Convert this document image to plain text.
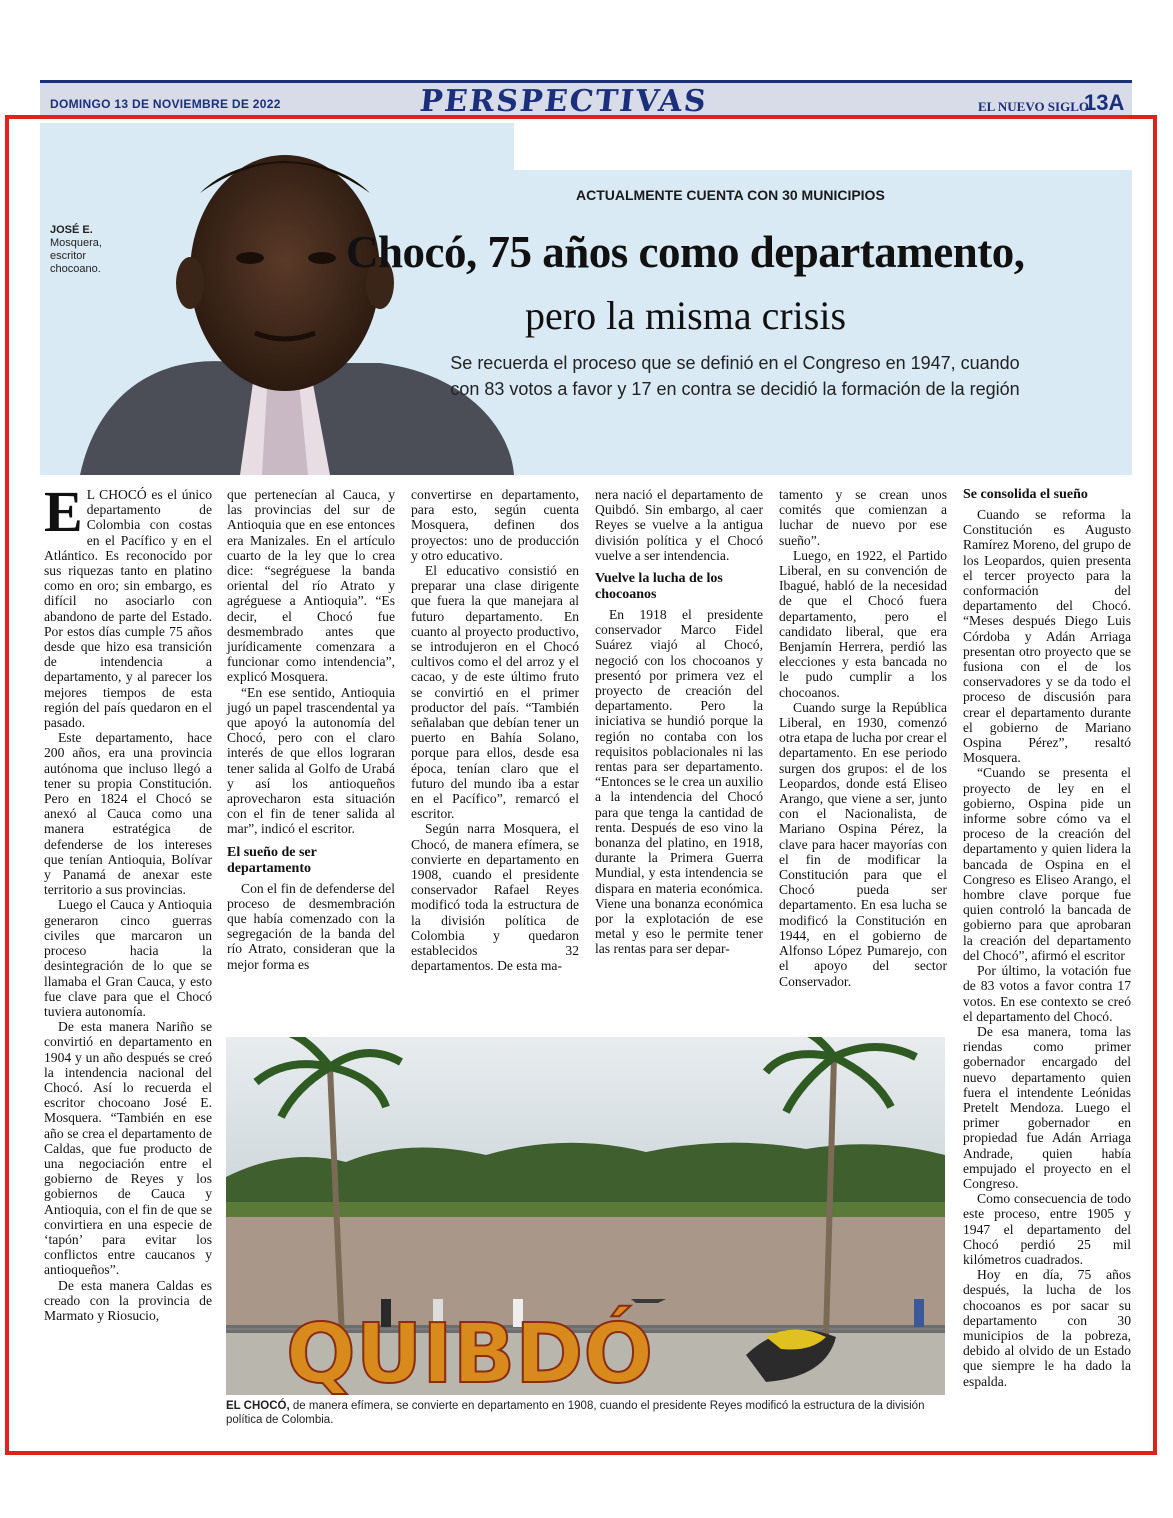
DOMINGO 13 DE NOVIEMBRE DE 2022	PERSPECTIVAS	EL NUEVO SIGLO
13A
JOSÉ E. Mosquera, escritor chocoano.
ACTUALMENTE CUENTA CON 30 MUNICIPIOS
Chocó, 75 años como departamento,
pero la misma crisis
Se recuerda el proceso que se definió en el Congreso en 1947, cuando con 83 votos a favor y 17 en contra se decidió la formación de la región
E L CHOCÓ es el único departamento de Colombia con costas en el Pacífico y en el Atlántico. Es reconocido por sus riquezas tanto en platino como en oro; sin embargo, es difícil no asociarlo con abandono de parte del Estado. Por estos días cumple 75 años desde que hizo esa transición de intendencia a departamento, y al parecer los mejores tiempos de esta región del país quedaron en el pasado.

Este departamento, hace 200 años, era una provincia autónoma que incluso llegó a tener su propia Constitución. Pero en 1824 el Chocó se anexó al Cauca como una manera estratégica de defenderse de los intereses que tenían Antioquia, Bolívar y Panamá de anexar este territorio a sus provincias.

Luego el Cauca y Antioquia generaron cinco guerras civiles que marcaron un proceso hacia la desintegración de lo que se llamaba el Gran Cauca, y esto fue clave para que el Chocó tuviera autonomía.

De esta manera Nariño se convirtió en departamento en 1904 y un año después se creó la intendencia nacional del Chocó. Así lo recuerda el escritor chocoano José E. Mosquera. “También en ese año se crea el departamento de Caldas, que fue producto de una negociación entre el gobierno de Reyes y los gobiernos de Cauca y Antioquia, con el fin de que se convirtiera en una especie de ‘tapón’ para evitar los conflictos entre caucanos y antioqueños”.

De esta manera Caldas es creado con la provincia de Marmato y Riosucio,

que pertenecían al Cauca, y las provincias del sur de Antioquia que en ese entonces era Manizales. En el artículo cuarto de la ley que lo crea dice: “segréguese la banda oriental del río Atrato y agréguese a Antioquia”. “Es decir, el Chocó fue desmembrado antes que jurídicamente comenzara a funcionar como intendencia”, explicó Mosquera.

“En ese sentido, Antioquia jugó un papel trascendental ya que apoyó la autonomía del Chocó, pero con el claro interés de que ellos lograran tener salida al Golfo de Urabá y así los antioqueños aprovecharon esta situación con el fin de tener salida al mar”, indicó el escritor.

El sueño de ser departamento

Con el fin de defenderse del proceso de desmembración que había comenzado con la segregación de la banda del río Atrato, consideran que la mejor forma es

convertirse en departamento, para esto, según cuenta Mosquera, definen dos proyectos: uno de producción y otro educativo.

El educativo consistió en preparar una clase dirigente que fuera la que manejara al futuro departamento. En cuanto al proyecto productivo, se introdujeron en el Chocó cultivos como el del arroz y el cacao, y de este último fruto se convirtió en el primer productor del país. “También señalaban que debían tener un puerto en Bahía Solano, porque para ellos, desde esa época, tenían claro que el futuro del mundo iba a estar en el Pacífico”, remarcó el escritor.

Según narra Mosquera, el Chocó, de manera efímera, se convierte en departamento en 1908, cuando el presidente conservador Rafael Reyes modificó toda la estructura de la división política de Colombia y quedaron establecidos 32 departamentos. De esta ma-

nera nació el departamento de Quibdó. Sin embargo, al caer Reyes se vuelve a la antigua división política y el Chocó vuelve a ser intendencia.

Vuelve la lucha de los chocoanos

En 1918 el presidente conservador Marco Fidel Suárez viajó al Chocó, negoció con los chocoanos y presentó por primera vez el proyecto de creación del departamento. Pero la iniciativa se hundió porque la región no contaba con los requisitos poblacionales ni las rentas para ser departamento. “Entonces se le crea un auxilio a la intendencia del Chocó para que tenga la cantidad de renta. Después de eso vino la bonanza del platino, en 1918, durante la Primera Guerra Mundial, y esta intendencia se dispara en materia económica. Viene una bonanza económica por la explotación de ese metal y eso le permite tener las rentas para ser depar-

tamento y se crean unos comités que comienzan a luchar de nuevo por ese sueño”.

Luego, en 1922, el Partido Liberal, en su convención de Ibagué, habló de la necesidad de que el Chocó fuera departamento, pero el candidato liberal, que era Benjamín Herrera, perdió las elecciones y esta bancada no le pudo cumplir a los chocoanos.

Cuando surge la República Liberal, en 1930, comenzó otra etapa de lucha por crear el departamento. En ese periodo surgen dos grupos: el de los Leopardos, donde está Eliseo Arango, que viene a ser, junto con el Nacionalista, de Mariano Ospina Pérez, la clave para hacer mayorías con el fin de modificar la Constitución para que el Chocó pueda ser departamento. En esa lucha se modificó la Constitución en 1944, en el gobierno de Alfonso López Pumarejo, con el apoyo del sector Conservador.

Se consolida el sueño

Cuando se reforma la Constitución es Augusto Ramírez Moreno, del grupo de los Leopardos, quien presenta el tercer proyecto para la conformación del departamento del Chocó. “Meses después Diego Luis Córdoba y Adán Arriaga presentan otro proyecto que se fusiona con el de los conservadores y se da todo el proceso de discusión para crear el departamento durante el gobierno de Mariano Ospina Pérez”, resaltó Mosquera.

“Cuando se presenta el proyecto de ley en el gobierno, Ospina pide un informe sobre cómo va el proceso de la creación del departamento y quien lidera la bancada de Ospina en el Congreso es Eliseo Arango, el hombre clave porque fue quien controló la bancada de gobierno para que aprobaran la creación del departamento del Chocó”, afirmó el escritor

Por último, la votación fue de 83 votos a favor contra 17 votos. En ese contexto se creó el departamento del Chocó.

De esa manera, toma las riendas como primer gobernador encargado del nuevo departamento quien fuera el intendente Leónidas Pretelt Mendoza. Luego el primer gobernador en propiedad fue Adán Arriaga Andrade, quien había empujado el proyecto en el Congreso.

Como consecuencia de todo este proceso, entre 1905 y 1947 el departamento del Chocó perdió 25 mil kilómetros cuadrados.

Hoy en día, 75 años después, la lucha de los chocoanos es por sacar su departamento con 30 municipios de la pobreza, debido al olvido de un Estado que siempre le ha dado la espalda.

QUIBDÓ
EL CHOCÓ, de manera efímera, se convierte en departamento en 1908, cuando el presidente Reyes modificó la estructura de la división política de Colombia.
